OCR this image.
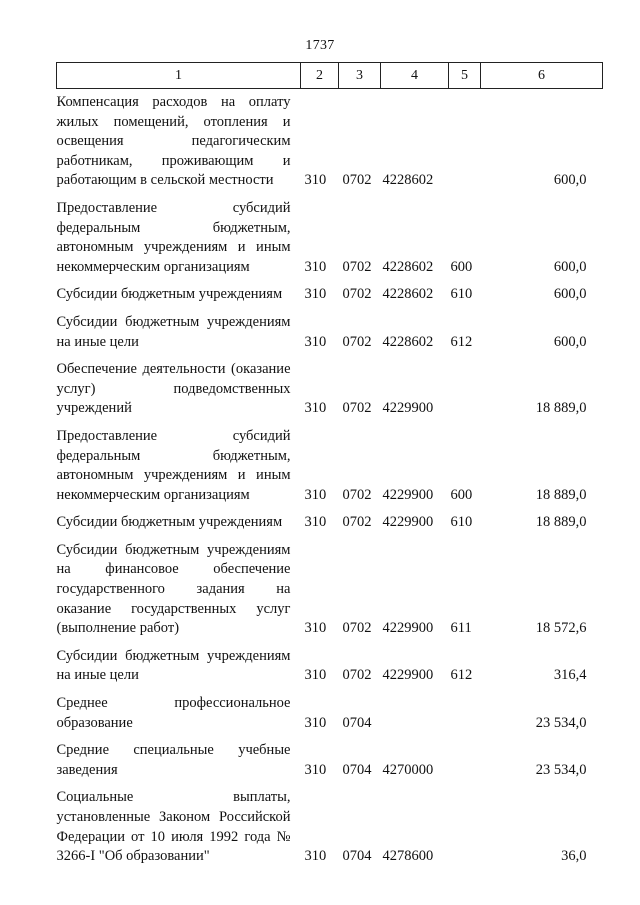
1737
1	2	3	4	5	6
Компенсация расходов на оплату жилых помещений, отопления и освещения педагогическим работникам, проживающим и работающим в сельской местности	310	0702	4228602		600,0
Предоставление субсидий федеральным бюджетным, автономным учреждениям и иным некоммерческим организациям	310	0702	4228602	600	600,0
Субсидии бюджетным учреждениям	310	0702	4228602	610	600,0
Субсидии бюджетным учреждениям на иные цели	310	0702	4228602	612	600,0
Обеспечение деятельности (оказание услуг) подведомственных учреждений	310	0702	4229900		18 889,0
Предоставление субсидий федеральным бюджетным, автономным учреждениям и иным некоммерческим организациям	310	0702	4229900	600	18 889,0
Субсидии бюджетным учреждениям	310	0702	4229900	610	18 889,0
Субсидии бюджетным учреждениям на финансовое обеспечение государственного задания на оказание государственных услуг (выполнение работ)	310	0702	4229900	611	18 572,6
Субсидии бюджетным учреждениям на иные цели	310	0702	4229900	612	316,4
Среднее профессиональное образование	310	0704			23 534,0
Средние специальные учебные заведения	310	0704	4270000		23 534,0
Социальные выплаты, установленные Законом Российской Федерации от 10 июля 1992 года № 3266-I "Об образовании"	310	0704	4278600		36,0
